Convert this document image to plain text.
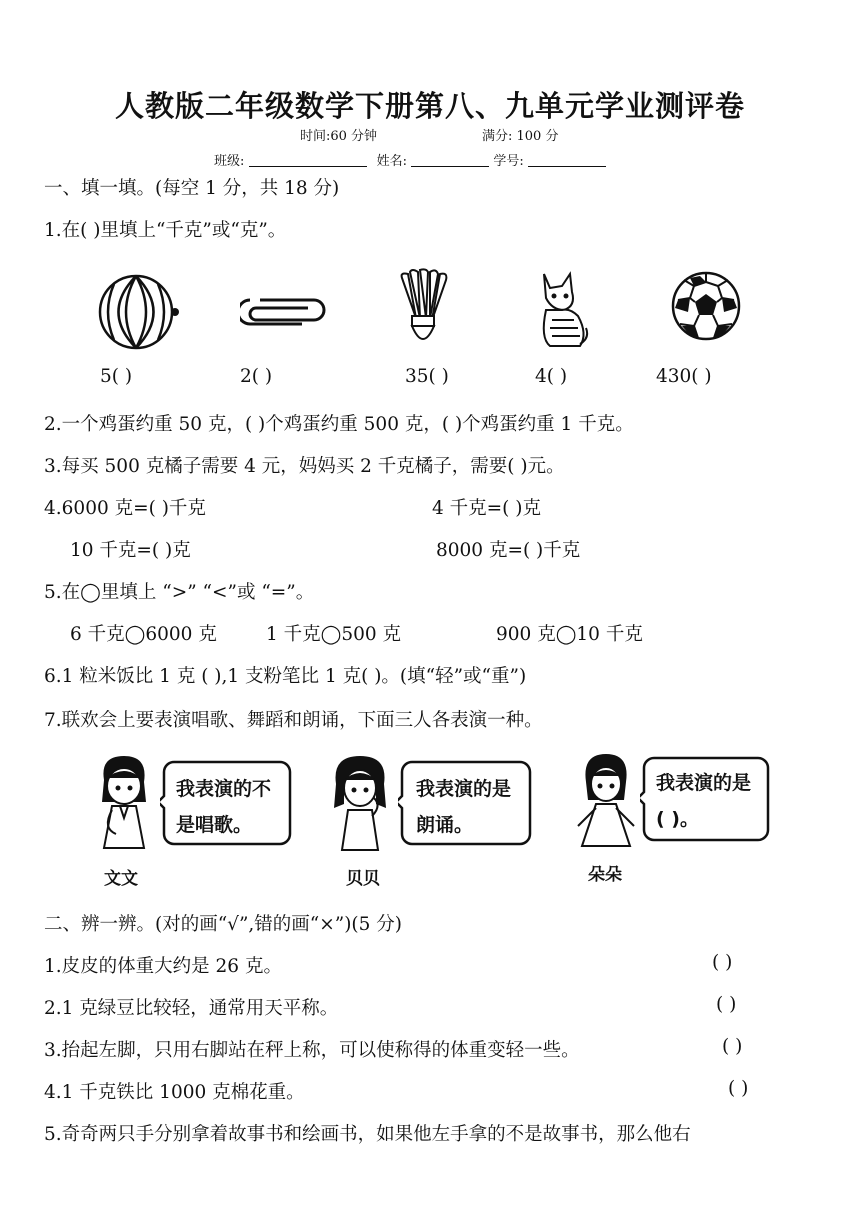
人教版二年级数学下册第八、九单元学业测评卷
时间:60 分钟	满分: 100 分
班级:	姓名:	学号:
一、填一填。(每空 1 分，共 18 分)
1.在( )里填上“千克”或“克”。
5( )	2( )	35( )	4( )	430( )
2.一个鸡蛋约重 50 克，( )个鸡蛋约重 500 克，( )个鸡蛋约重 1 千克。
3.每买 500 克橘子需要 4 元，妈妈买 2 千克橘子，需要( )元。
4.6000 克=( )千克	4 千克=( )克
10 千克=( )克	8000 克=( )千克
5.在◯里填上 “>” “<”或 “=”。
6 千克◯6000 克	1 千克◯500 克	900 克◯10 千克
6.1 粒米饭比 1 克 ( ),1 支粉笔比 1 克( )。(填“轻”或“重”)
7.联欢会上要表演唱歌、舞蹈和朗诵，下面三人各表演一种。
文文
我表演的不
是唱歌。
贝贝
我表演的是
朗诵。
朵朵
我表演的是
( )。
二、辨一辨。(对的画“√”,错的画“×”)(5 分)
1.皮皮的体重大约是 26 克。	( )
2.1 克绿豆比较轻，通常用天平称。	( )
3.抬起左脚，只用右脚站在秤上称，可以使称得的体重变轻一些。	( )
4.1 千克铁比 1000 克棉花重。	( )
5.奇奇两只手分别拿着故事书和绘画书，如果他左手拿的不是故事书，那么他右
